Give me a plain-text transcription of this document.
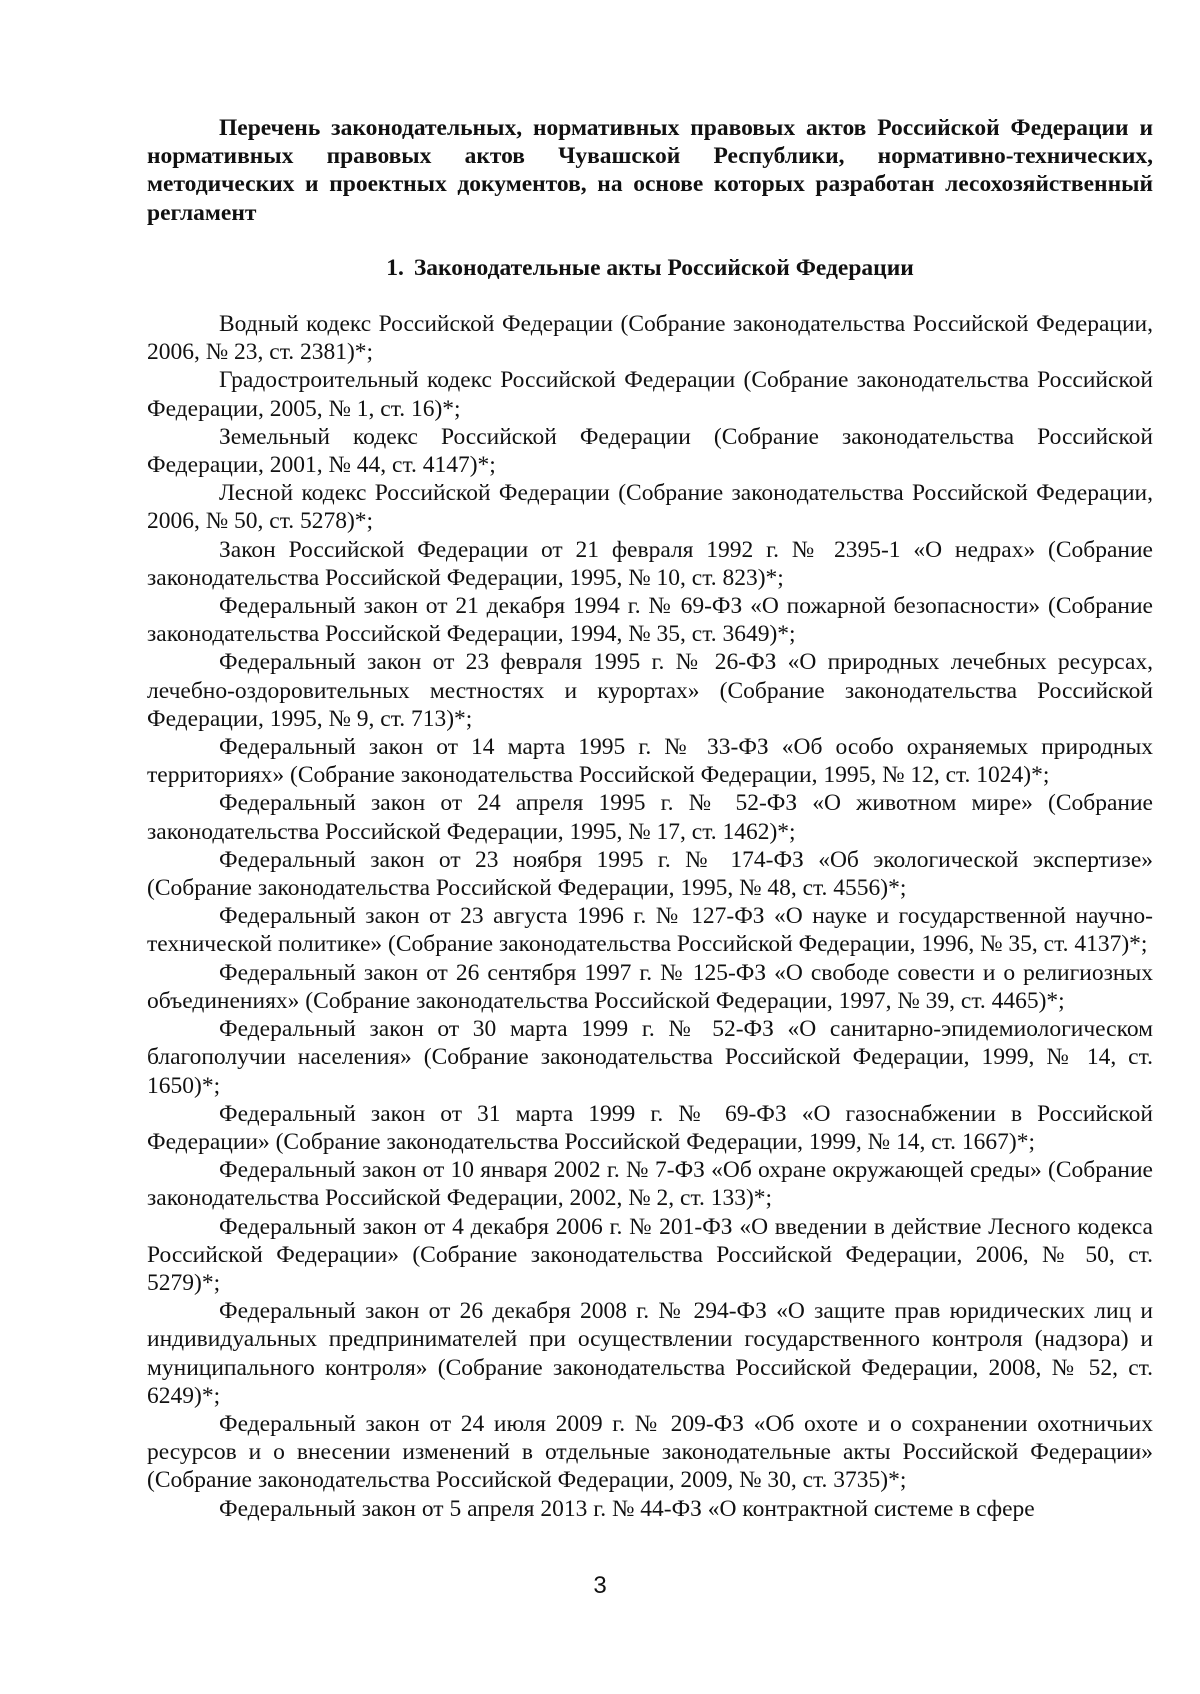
Перечень законодательных, нормативных правовых актов Российской Федерации и нормативных правовых актов Чувашской Республики, нормативно-технических, методических и проектных документов, на основе которых разработан лесохозяйственный регламент

1. Законодательные акты Российской Федерации

Водный кодекс Российской Федерации (Собрание законодательства Российской Федерации, 2006, № 23, ст. 2381)*;

Градостроительный кодекс Российской Федерации (Собрание законодательства Российской Федерации, 2005, № 1, ст. 16)*;

Земельный кодекс Российской Федерации (Собрание законодательства Российской Федерации, 2001, № 44, ст. 4147)*;

Лесной кодекс Российской Федерации (Собрание законодательства Российской Федерации, 2006, № 50, ст. 5278)*;

Закон Российской Федерации от 21 февраля 1992 г. № 2395-1 «О недрах» (Собрание законодательства Российской Федерации, 1995, № 10, ст. 823)*;

Федеральный закон от 21 декабря 1994 г. № 69-ФЗ «О пожарной безопасности» (Собрание законодательства Российской Федерации, 1994, № 35, ст. 3649)*;

Федеральный закон от 23 февраля 1995 г. № 26-ФЗ «О природных лечебных ресурсах, лечебно-оздоровительных местностях и курортах» (Собрание законодательства Российской Федерации, 1995, № 9, ст. 713)*;

Федеральный закон от 14 марта 1995 г. № 33-ФЗ «Об особо охраняемых природных территориях» (Собрание законодательства Российской Федерации, 1995, № 12, ст. 1024)*;

Федеральный закон от 24 апреля 1995 г. № 52-ФЗ «О животном мире» (Собрание законодательства Российской Федерации, 1995, № 17, ст. 1462)*;

Федеральный закон от 23 ноября 1995 г. № 174-ФЗ «Об экологической экспертизе» (Собрание законодательства Российской Федерации, 1995, № 48, ст. 4556)*;

Федеральный закон от 23 августа 1996 г. № 127-ФЗ «О науке и государственной научно-технической политике» (Собрание законодательства Российской Федерации, 1996, № 35, ст. 4137)*;

Федеральный закон от 26 сентября 1997 г. № 125-ФЗ «О свободе совести и о религиозных объединениях» (Собрание законодательства Российской Федерации, 1997, № 39, ст. 4465)*;

Федеральный закон от 30 марта 1999 г. № 52-ФЗ «О санитарно-эпидемиологическом благополучии населения» (Собрание законодательства Российской Федерации, 1999, № 14, ст. 1650)*;

Федеральный закон от 31 марта 1999 г. № 69-ФЗ «О газоснабжении в Российской Федерации» (Собрание законодательства Российской Федерации, 1999, № 14, ст. 1667)*;

Федеральный закон от 10 января 2002 г. № 7-ФЗ «Об охране окружающей среды» (Собрание законодательства Российской Федерации, 2002, № 2, ст. 133)*;

Федеральный закон от 4 декабря 2006 г. № 201-ФЗ «О введении в действие Лесного кодекса Российской Федерации» (Собрание законодательства Российской Федерации, 2006, № 50, ст. 5279)*;

Федеральный закон от 26 декабря 2008 г. № 294-ФЗ «О защите прав юридических лиц и индивидуальных предпринимателей при осуществлении государственного контроля (надзора) и муниципального контроля» (Собрание законодательства Российской Федерации, 2008, № 52, ст. 6249)*;

Федеральный закон от 24 июля 2009 г. № 209-ФЗ «Об охоте и о сохранении охотничьих ресурсов и о внесении изменений в отдельные законодательные акты Российской Федерации» (Собрание законодательства Российской Федерации, 2009, № 30, ст. 3735)*;

Федеральный закон от 5 апреля 2013 г. № 44-ФЗ «О контрактной системе в сфере

3
